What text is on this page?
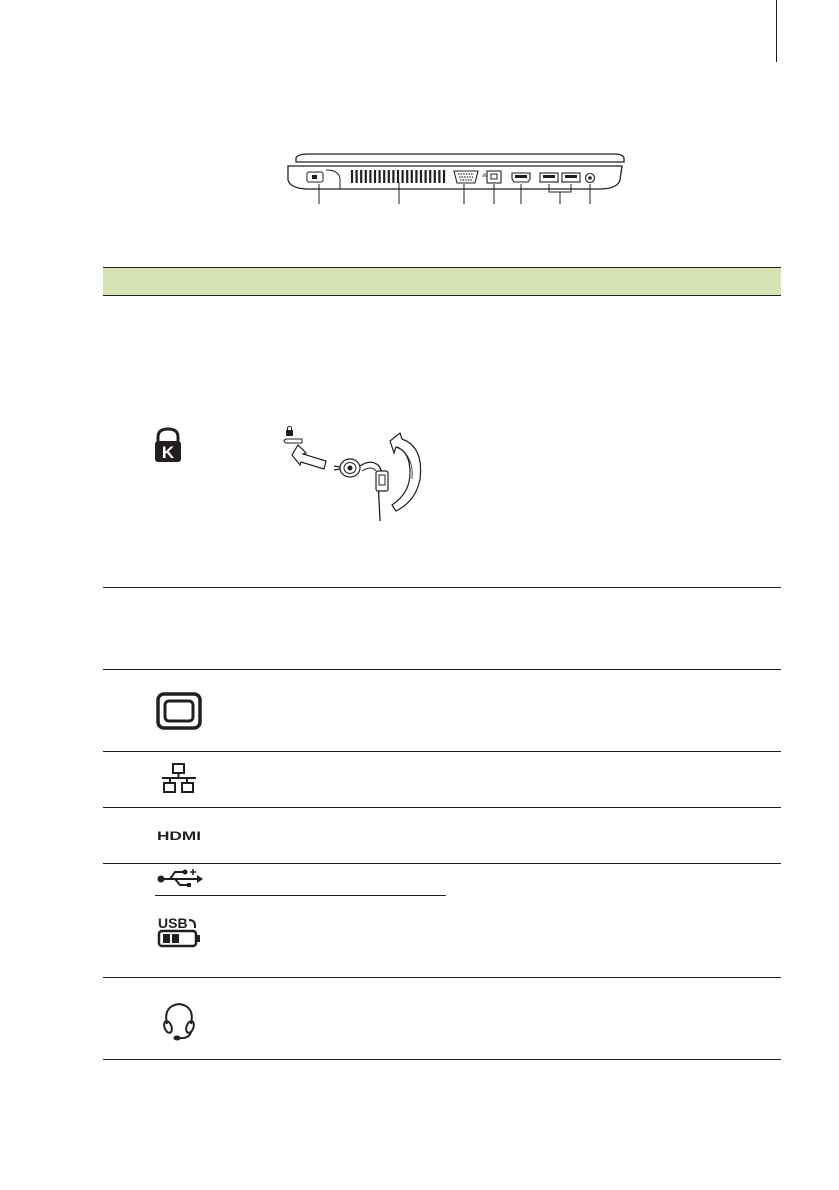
⁂
K
HDMI
USB
